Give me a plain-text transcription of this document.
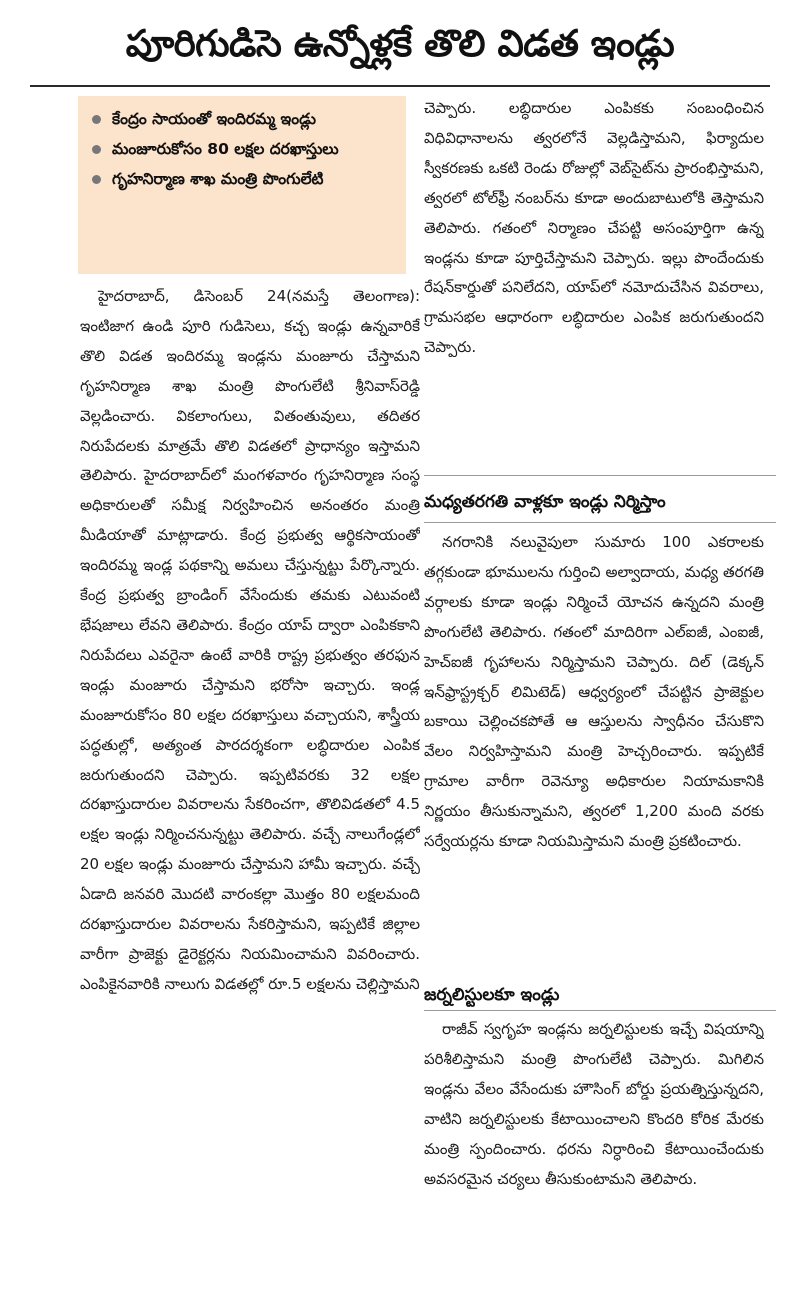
పూరిగుడిసె ఉన్నోళ్లకే తొలి విడత ఇండ్లు
కేంద్రం సాయంతో ఇందిరమ్మ ఇండ్లు
మంజూరుకోసం 80 లక్షల దరఖాస్తులు
గృహనిర్మాణ శాఖ మంత్రి పొంగులేటి

హైదరాబాద్, డిసెంబర్ 24(నమస్తే తెలంగాణ): ఇంటిజాగ ఉండి పూరి గుడిసెలు, కచ్చ ఇండ్లు ఉన్నవారికే తొలి విడత ఇందిరమ్మ ఇండ్లను మంజూరు చేస్తామని గృహనిర్మాణ శాఖ మంత్రి పొంగులేటి శ్రీనివాస్‌రెడ్డి వెల్లడించారు. వికలాంగులు, వితంతువులు, తదితర నిరుపేదలకు మాత్రమే తొలి విడతలో ప్రాధాన్యం ఇస్తామని తెలిపారు. హైదరాబాద్‌లో మంగళవారం గృహనిర్మాణ సంస్థ అధికారులతో సమీక్ష నిర్వహించిన అనంతరం మంత్రి మీడియాతో మాట్లాడారు. కేంద్ర ప్రభుత్వ ఆర్థికసాయంతో ఇందిరమ్మ ఇండ్ల పథకాన్ని అమలు చేస్తున్నట్టు పేర్కొన్నారు. కేంద్ర ప్రభుత్వ బ్రాండింగ్ వేసేందుకు తమకు ఎటువంటి భేషజాలు లేవని తెలిపారు. కేంద్రం యాప్ ద్వారా ఎంపికకాని నిరుపేదలు ఎవరైనా ఉంటే వారికి రాష్ట్ర ప్రభుత్వం తరఫున ఇండ్లు మంజూరు చేస్తామని భరోసా ఇచ్చారు. ఇండ్ల మంజూరుకోసం 80 లక్షల దరఖాస్తులు వచ్చాయని, శాస్త్రీయ పద్ధతుల్లో, అత్యంత పారదర్శకంగా లబ్ధిదారుల ఎంపిక జరుగుతుందని చెప్పారు. ఇప్పటివరకు 32 లక్షల దరఖాస్తుదారుల వివరాలను సేకరించగా, తొలివిడతలో 4.5 లక్షల ఇండ్లు నిర్మించనున్నట్టు తెలిపారు. వచ్చే నాలుగేండ్లలో 20 లక్షల ఇండ్లు మంజూరు చేస్తామని హామీ ఇచ్చారు. వచ్చే ఏడాది జనవరి మొదటి వారంకల్లా మొత్తం 80 లక్షలమంది దరఖాస్తుదారుల వివరాలను సేకరిస్తామని, ఇప్పటికే జిల్లాల వారీగా ప్రాజెక్టు డైరెక్టర్లను నియమించామని వివరించారు. ఎంపికైనవారికి నాలుగు విడతల్లో రూ.5 లక్షలను చెల్లిస్తామని

చెప్పారు. లబ్ధిదారుల ఎంపికకు సంబంధించిన విధివిధానాలను త్వరలోనే వెల్లడిస్తామని, ఫిర్యాదుల స్వీకరణకు ఒకటి రెండు రోజుల్లో వెబ్‌సైట్‌ను ప్రారంభిస్తామని, త్వరలో టోల్‌ఫ్రీ నంబర్‌ను కూడా అందుబాటులోకి తెస్తామని తెలిపారు. గతంలో నిర్మాణం చేపట్టి అసంపూర్తిగా ఉన్న ఇండ్లను కూడా పూర్తిచేస్తామని చెప్పారు. ఇల్లు పొందేందుకు రేషన్‌కార్డుతో పనిలేదని, యాప్‌లో నమోదుచేసిన వివరాలు, గ్రామసభల ఆధారంగా లబ్ధిదారుల ఎంపిక జరుగుతుందని చెప్పారు.

మధ్యతరగతి వాళ్లకూ ఇండ్లు నిర్మిస్తాం

నగరానికి నలువైపులా సుమారు 100 ఎకరాలకు తగ్గకుండా భూములను గుర్తించి అల్వాదాయ, మధ్య తరగతి వర్గాలకు కూడా ఇండ్లు నిర్మించే యోచన ఉన్నదని మంత్రి పొంగులేటి తెలిపారు. గతంలో మాదిరిగా ఎల్‌ఐజీ, ఎంఐజీ, హెచ్‌ఐజీ గృహాలను నిర్మిస్తామని చెప్పారు. దిల్ (డెక్కన్ ఇన్‌ఫ్రాస్ట్రక్చర్ లిమిటెడ్) ఆధ్వర్యంలో చేపట్టిన ప్రాజెక్టుల బకాయి చెల్లించకపోతే ఆ ఆస్తులను స్వాధీనం చేసుకొని వేలం నిర్వహిస్తామని మంత్రి హెచ్చరించారు. ఇప్పటికే గ్రామాల వారీగా రెవెన్యూ అధికారుల నియామకానికి నిర్ణయం తీసుకున్నామని, త్వరలో 1,200 మంది వరకు సర్వేయర్లను కూడా నియమిస్తామని మంత్రి ప్రకటించారు.

జర్నలిస్టులకూ ఇండ్లు

రాజీవ్ స్వగృహ ఇండ్లను జర్నలిస్టులకు ఇచ్చే విషయాన్ని పరిశీలిస్తామని మంత్రి పొంగులేటి చెప్పారు. మిగిలిన ఇండ్లను వేలం వేసేందుకు హౌసింగ్ బోర్డు ప్రయత్నిస్తున్నదని, వాటిని జర్నలిస్టులకు కేటాయించాలని కొందరి కోరిక మేరకు మంత్రి స్పందించారు. ధరను నిర్ధారించి కేటాయించేందుకు అవసరమైన చర్యలు తీసుకుంటామని తెలిపారు.
